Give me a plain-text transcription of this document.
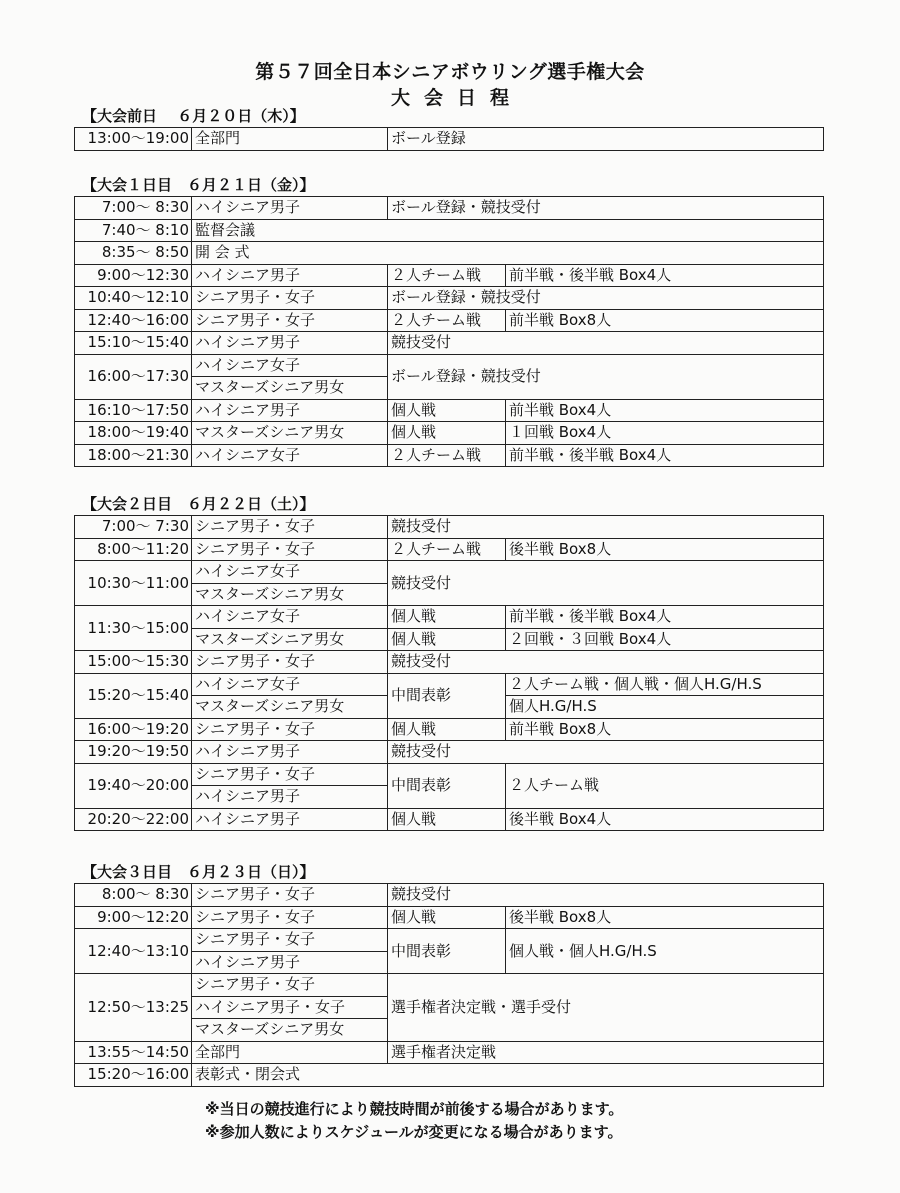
第５７回全日本シニアボウリング選手権大会
大会日程
【大会前日　 ６月２０日（木）】
13:00～19:00	全部門	ボール登録
【大会１日目　６月２１日（金）】
7:00～ 8:30	ハイシニア男子	ボール登録・競技受付	
7:40～ 8:10	監督会議		
8:35～ 8:50	開 会 式		
9:00～12:30	ハイシニア男子	２人チーム戦	前半戦・後半戦 Box4人
10:40～12:10	シニア男子・女子	ボール登録・競技受付	
12:40～16:00	シニア男子・女子	２人チーム戦	前半戦 Box8人
15:10～15:40	ハイシニア男子	競技受付	
16:00～17:30	ハイシニア女子	ボール登録・競技受付	
	マスターズシニア男女		
16:10～17:50	ハイシニア男子	個人戦	前半戦 Box4人
18:00～19:40	マスターズシニア男女	個人戦	１回戦 Box4人
18:00～21:30	ハイシニア女子	２人チーム戦	前半戦・後半戦 Box4人
【大会２日目　６月２２日（土）】
7:00～ 7:30	シニア男子・女子	競技受付	
8:00～11:20	シニア男子・女子	２人チーム戦	後半戦 Box8人
10:30～11:00	ハイシニア女子	競技受付	
	マスターズシニア男女		
11:30～15:00	ハイシニア女子	個人戦	前半戦・後半戦 Box4人
	マスターズシニア男女	個人戦	２回戦・３回戦 Box4人
15:00～15:30	シニア男子・女子	競技受付	
15:20～15:40	ハイシニア女子	中間表彰	２人チーム戦・個人戦・個人H.G/H.S
	マスターズシニア男女		個人H.G/H.S
16:00～19:20	シニア男子・女子	個人戦	前半戦 Box8人
19:20～19:50	ハイシニア男子	競技受付	
19:40～20:00	シニア男子・女子	中間表彰	２人チーム戦
	ハイシニア男子		
20:20～22:00	ハイシニア男子	個人戦	後半戦 Box4人
【大会３日目　６月２３日（日）】
8:00～ 8:30	シニア男子・女子	競技受付	
9:00～12:20	シニア男子・女子	個人戦	後半戦 Box8人
12:40～13:10	シニア男子・女子	中間表彰	個人戦・個人H.G/H.S
	ハイシニア男子		
12:50～13:25	シニア男子・女子	選手権者決定戦・選手受付	
	ハイシニア男子・女子		
	マスターズシニア男女		
13:55～14:50	全部門	選手権者決定戦	
15:20～16:00	表彰式・閉会式		
※当日の競技進行により競技時間が前後する場合があります。
※参加人数によりスケジュールが変更になる場合があります。
